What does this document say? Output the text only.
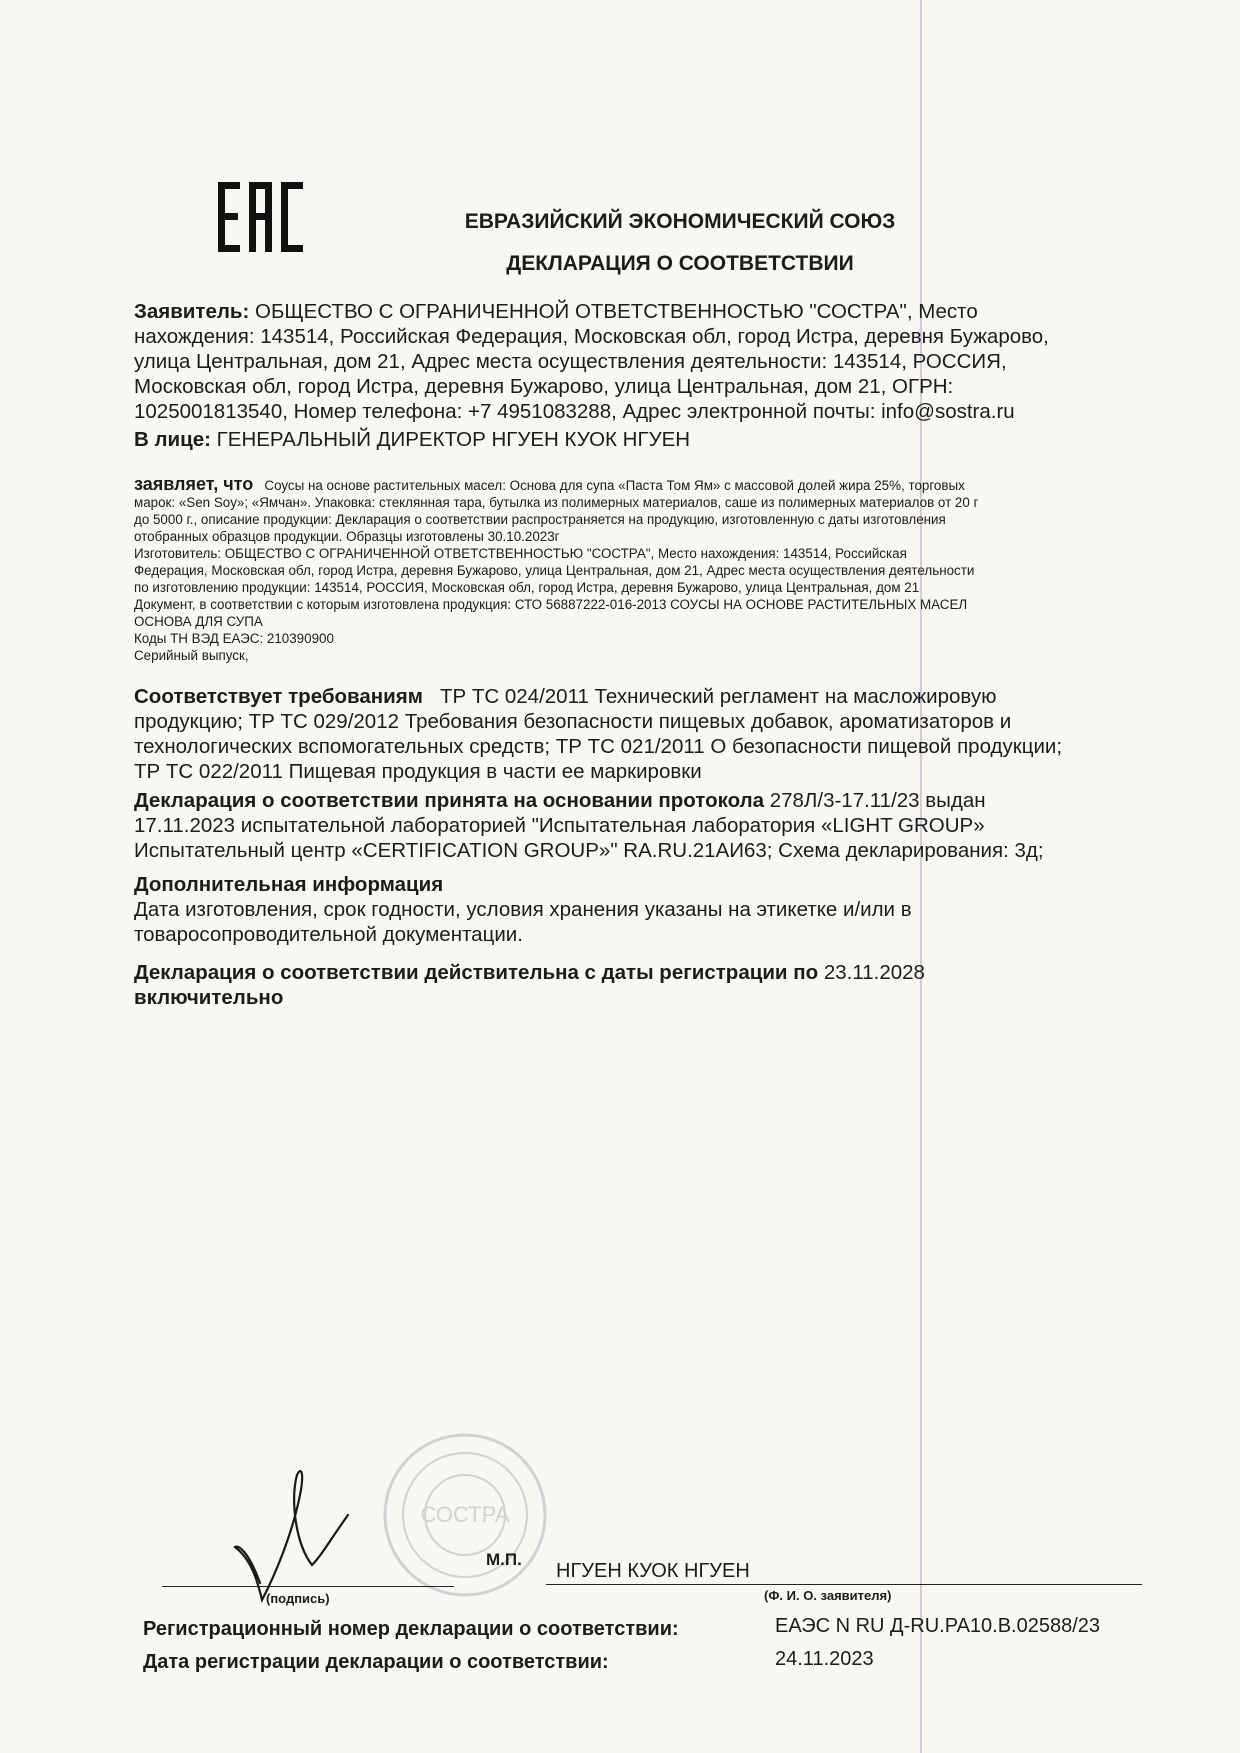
ЕВРАЗИЙСКИЙ ЭКОНОМИЧЕСКИЙ СОЮЗ
ДЕКЛАРАЦИЯ О СООТВЕТСТВИИ
Заявитель: ОБЩЕСТВО С ОГРАНИЧЕННОЙ ОТВЕТСТВЕННОСТЬЮ "СОСТРА", Место
нахождения: 143514, Российская Федерация, Московская обл, город Истра, деревня Бужарово,
улица Центральная, дом 21, Адрес места осуществления деятельности: 143514, РОССИЯ,
Московская обл, город Истра, деревня Бужарово, улица Центральная, дом 21, ОГРН:
1025001813540, Номер телефона: +7 4951083288, Адрес электронной почты: info@sostra.ru
В лице: ГЕНЕРАЛЬНЫЙ ДИРЕКТОР НГУЕН КУОК НГУЕН
заявляет, что Соусы на основе растительных масел: Основа для супа «Паста Том Ям» с массовой долей жира 25%, торговых
марок: «Sen Soy»; «Ямчан». Упаковка: стеклянная тара, бутылка из полимерных материалов, саше из полимерных материалов от 20 г
до 5000 г., описание продукции: Декларация о соответствии распространяется на продукцию, изготовленную с даты изготовления
отобранных образцов продукции. Образцы изготовлены 30.10.2023г
Изготовитель: ОБЩЕСТВО С ОГРАНИЧЕННОЙ ОТВЕТСТВЕННОСТЬЮ "СОСТРА", Место нахождения: 143514, Российская
Федерация, Московская обл, город Истра, деревня Бужарово, улица Центральная, дом 21, Адрес места осуществления деятельности
по изготовлению продукции: 143514, РОССИЯ, Московская обл, город Истра, деревня Бужарово, улица Центральная, дом 21
Документ, в соответствии с которым изготовлена продукция: СТО 56887222-016-2013 СОУСЫ НА ОСНОВЕ РАСТИТЕЛЬНЫХ МАСЕЛ
ОСНОВА ДЛЯ СУПА
Коды ТН ВЭД ЕАЭС: 210390900
Серийный выпуск,
Соответствует требованиям ТР ТС 024/2011 Технический регламент на масложировую
продукцию; ТР ТС 029/2012 Требования безопасности пищевых добавок, ароматизаторов и
технологических вспомогательных средств; ТР ТС 021/2011 О безопасности пищевой продукции;
ТР ТС 022/2011 Пищевая продукция в части ее маркировки
Декларация о соответствии принята на основании протокола 278Л/3-17.11/23 выдан
17.11.2023 испытательной лабораторией "Испытательная лаборатория «LIGHT GROUP»
Испытательный центр «CERTIFICATION GROUP»" RA.RU.21АИ63; Схема декларирования: 3д;
Дополнительная информация
Дата изготовления, срок годности, условия хранения указаны на этикетке и/или в
товаросопроводительной документации.
Декларация о соответствии действительна с даты регистрации по 23.11.2028
включительно
СОСТРА
М.П.
НГУЕН КУОК НГУЕН
(подпись)	(Ф. И. О. заявителя)
Регистрационный номер декларации о соответствии:	ЕАЭС N RU Д-RU.PA10.B.02588/23
Дата регистрации декларации о соответствии:	24.11.2023
